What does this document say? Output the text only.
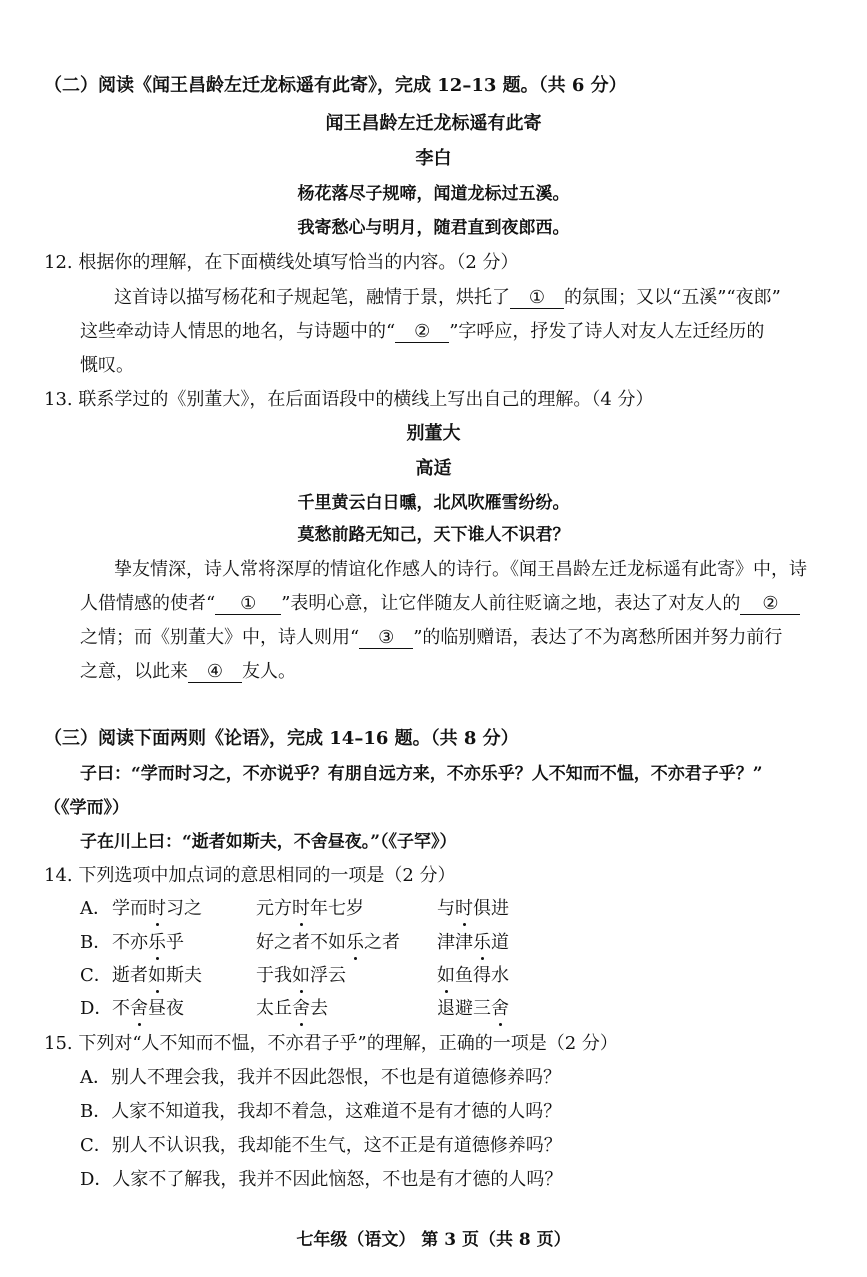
（二）阅读《闻王昌龄左迁龙标遥有此寄》，完成 12–13 题。（共 6 分）
闻王昌龄左迁龙标遥有此寄
李白
杨花落尽子规啼，闻道龙标过五溪。
我寄愁心与明月，随君直到夜郎西。
12. 根据你的理解，在下面横线处填写恰当的内容。（2 分）
这首诗以描写杨花和子规起笔，融情于景，烘托了 ① 的氛围；又以“五溪”“夜郎”
这些牵动诗人情思的地名，与诗题中的“ ② ”字呼应，抒发了诗人对友人左迁经历的
慨叹。
13. 联系学过的《别董大》，在后面语段中的横线上写出自己的理解。（4 分）
别董大
高适
千里黄云白日曛，北风吹雁雪纷纷。
莫愁前路无知己，天下谁人不识君？
挚友情深，诗人常将深厚的情谊化作感人的诗行。《闻王昌龄左迁龙标遥有此寄》中，诗
人借情感的使者“ ① ”表明心意，让它伴随友人前往贬谪之地，表达了对友人的 ②
之情；而《别董大》中，诗人则用“ ③ ”的临别赠语，表达了不为离愁所困并努力前行
之意，以此来 ④ 友人。
（三）阅读下面两则《论语》，完成 14–16 题。（共 8 分）
子曰：“学而时习之，不亦说乎？有朋自远方来，不亦乐乎？人不知而不愠，不亦君子乎？”
（《学而》）
子在川上曰：“逝者如斯夫，不舍昼夜。”（《子罕》）
14. 下列选项中加点词的意思相同的一项是（2 分）
A． 学而时习之	元方时年七岁	与时俱进
B． 不亦乐乎	好之者不如乐之者 津津乐道
C． 逝者如斯夫	于我如浮云	如鱼得水
D． 不舍昼夜	太丘舍去	退避三舍
15. 下列对“人不知而不愠，不亦君子乎”的理解，正确的一项是（2 分）
A．别人不理会我，我并不因此怨恨，不也是有道德修养吗？
B．人家不知道我，我却不着急，这难道不是有才德的人吗？
C．别人不认识我，我却能不生气，这不正是有道德修养吗？
D．人家不了解我，我并不因此恼怒，不也是有才德的人吗？
七年级（语文） 第 3 页（共 8 页）
